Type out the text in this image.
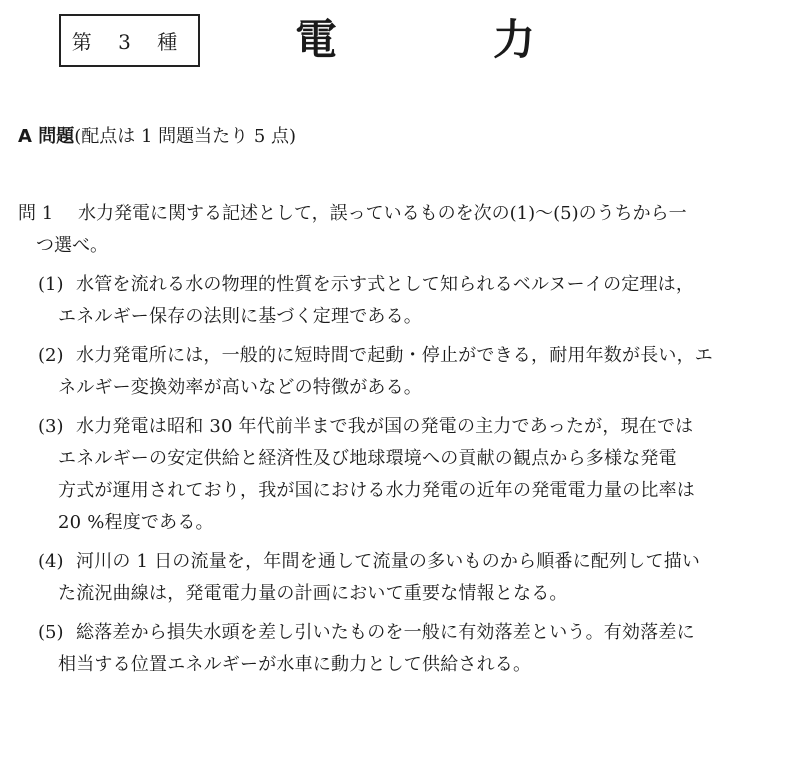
第 3 種	電	力
A 問題(配点は 1 問題当たり 5 点)
問 1	水力発電に関する記述として，誤っているものを次の(1)～(5)のうちから一
つ選べ。
(1) 水管を流れる水の物理的性質を示す式として知られるベルヌーイの定理は，
エネルギー保存の法則に基づく定理である。
(2) 水力発電所には，一般的に短時間で起動・停止ができる，耐用年数が長い，エ
ネルギー変換効率が高いなどの特徴がある。
(3) 水力発電は昭和 30 年代前半まで我が国の発電の主力であったが，現在では
エネルギーの安定供給と経済性及び地球環境への貢献の観点から多様な発電
方式が運用されており，我が国における水力発電の近年の発電電力量の比率は
20 %程度である。
(4) 河川の 1 日の流量を，年間を通して流量の多いものから順番に配列して描い
た流況曲線は，発電電力量の計画において重要な情報となる。
(5) 総落差から損失水頭を差し引いたものを一般に有効落差という。有効落差に
相当する位置エネルギーが水車に動力として供給される。
